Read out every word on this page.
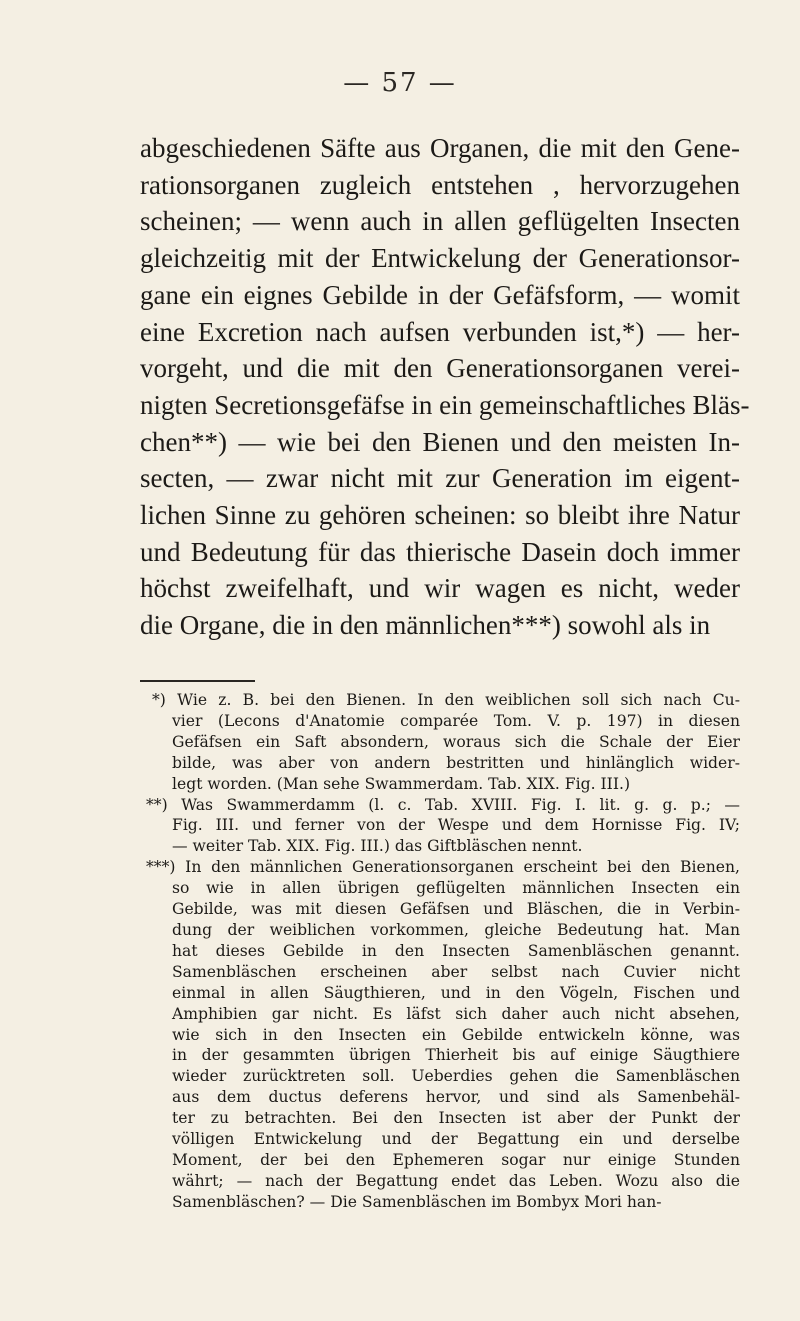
— 57 —
abgeschiedenen Säfte aus Organen, die mit den Gene-
rationsorganen zugleich entstehen , hervorzugehen
scheinen; — wenn auch in allen geflügelten Insecten
gleichzeitig mit der Entwickelung der Generationsor-
gane ein eignes Gebilde in der Gefäfsform, — womit
eine Excretion nach aufsen verbunden ist,*) — her-
vorgeht, und die mit den Generationsorganen verei-
nigten Secretionsgefäfse in ein gemeinschaftliches Bläs-
chen**) — wie bei den Bienen und den meisten In-
secten, — zwar nicht mit zur Generation im eigent-
lichen Sinne zu gehören scheinen: so bleibt ihre Natur
und Bedeutung für das thierische Dasein doch immer
höchst zweifelhaft, und wir wagen es nicht, weder
die Organe, die in den männlichen***) sowohl als in
*) Wie z. B. bei den Bienen. In den weiblichen soll sich nach Cu-
vier (Lecons d'Anatomie comparée Tom. V. p. 197) in diesen
Gefäfsen ein Saft absondern, woraus sich die Schale der Eier
bilde, was aber von andern bestritten und hinlänglich wider-
legt worden. (Man sehe Swammerdam. Tab. XIX. Fig. III.)
**) Was Swammerdamm (l. c. Tab. XVIII. Fig. I. lit. g. g. p.; —
Fig. III. und ferner von der Wespe und dem Hornisse Fig. IV;
— weiter Tab. XIX. Fig. III.) das Giftbläschen nennt.
***) In den männlichen Generationsorganen erscheint bei den Bienen,
so wie in allen übrigen geflügelten männlichen Insecten ein
Gebilde, was mit diesen Gefäfsen und Bläschen, die in Verbin-
dung der weiblichen vorkommen, gleiche Bedeutung hat. Man
hat dieses Gebilde in den Insecten Samenbläschen genannt.
Samenbläschen erscheinen aber selbst nach Cuvier nicht
einmal in allen Säugthieren, und in den Vögeln, Fischen und
Amphibien gar nicht. Es läfst sich daher auch nicht absehen,
wie sich in den Insecten ein Gebilde entwickeln könne, was
in der gesammten übrigen Thierheit bis auf einige Säugthiere
wieder zurücktreten soll. Ueberdies gehen die Samenbläschen
aus dem ductus deferens hervor, und sind als Samenbehäl-
ter zu betrachten. Bei den Insecten ist aber der Punkt der
völligen Entwickelung und der Begattung ein und derselbe
Moment, der bei den Ephemeren sogar nur einige Stunden
währt; — nach der Begattung endet das Leben. Wozu also die
Samenbläschen? — Die Samenbläschen im Bombyx Mori han-
